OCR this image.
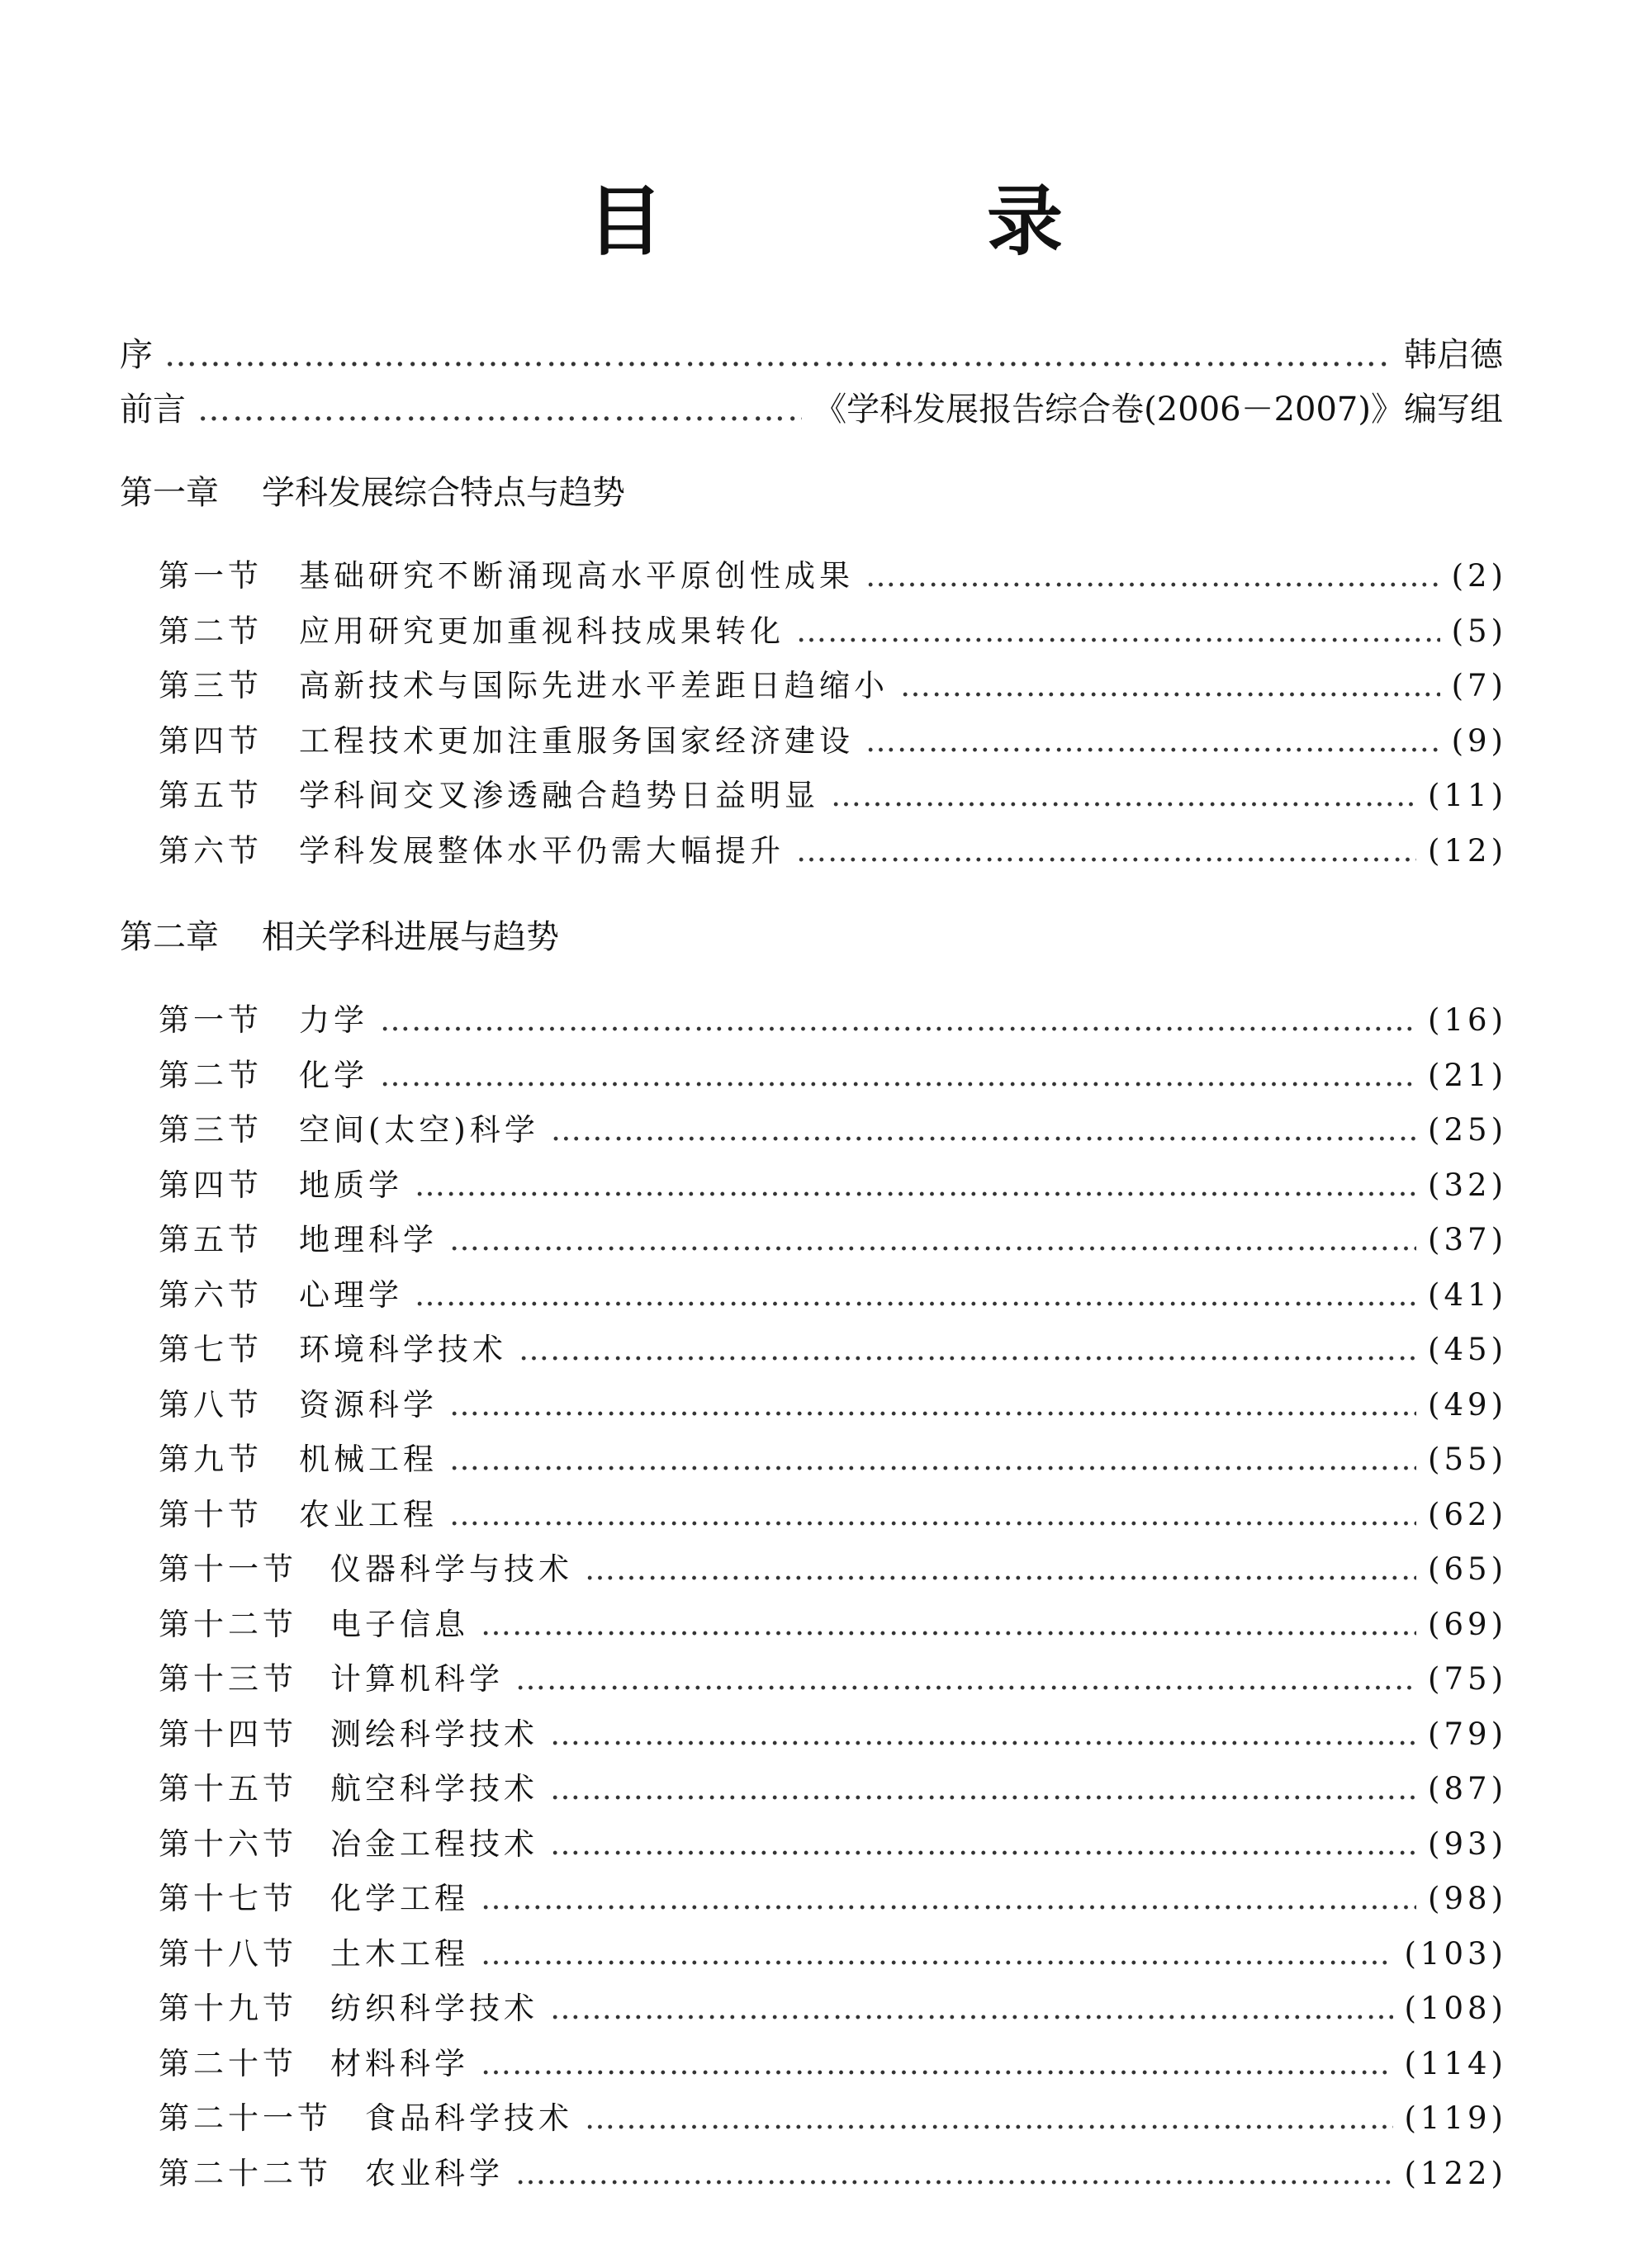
目　录
序 …………………………………………………………………………………………………………………………………………………………………………………………………………………………………………………………………………………………	韩启德
前言 …………………………………………………………………………………………………………………………………………………………………………………………………………………………………………………………………………………………	《学科发展报告综合卷(2006－2007)》编写组
第一章 学科发展综合特点与趋势
第一节	基础研究不断涌现高水平原创性成果 …………………………………………………………………………………………………………………………………………………………………………………………………………………………………………………………………………………………	(2)
第二节	应用研究更加重视科技成果转化 …………………………………………………………………………………………………………………………………………………………………………………………………………………………………………………………………………………………	(5)
第三节	高新技术与国际先进水平差距日趋缩小 …………………………………………………………………………………………………………………………………………………………………………………………………………………………………………………………………………………………	(7)
第四节	工程技术更加注重服务国家经济建设 …………………………………………………………………………………………………………………………………………………………………………………………………………………………………………………………………………………………	(9)
第五节	学科间交叉渗透融合趋势日益明显 …………………………………………………………………………………………………………………………………………………………………………………………………………………………………………………………………………………………	(11)
第六节	学科发展整体水平仍需大幅提升 …………………………………………………………………………………………………………………………………………………………………………………………………………………………………………………………………………………………	(12)
第二章 相关学科进展与趋势
第一节	力学 …………………………………………………………………………………………………………………………………………………………………………………………………………………………………………………………………………………………	(16)
第二节	化学 …………………………………………………………………………………………………………………………………………………………………………………………………………………………………………………………………………………………	(21)
第三节	空间(太空)科学 …………………………………………………………………………………………………………………………………………………………………………………………………………………………………………………………………………………………	(25)
第四节	地质学 …………………………………………………………………………………………………………………………………………………………………………………………………………………………………………………………………………………………	(32)
第五节	地理科学 …………………………………………………………………………………………………………………………………………………………………………………………………………………………………………………………………………………………	(37)
第六节	心理学 …………………………………………………………………………………………………………………………………………………………………………………………………………………………………………………………………………………………	(41)
第七节	环境科学技术 …………………………………………………………………………………………………………………………………………………………………………………………………………………………………………………………………………………………	(45)
第八节	资源科学 …………………………………………………………………………………………………………………………………………………………………………………………………………………………………………………………………………………………	(49)
第九节	机械工程 …………………………………………………………………………………………………………………………………………………………………………………………………………………………………………………………………………………………	(55)
第十节	农业工程 …………………………………………………………………………………………………………………………………………………………………………………………………………………………………………………………………………………………	(62)
第十一节	仪器科学与技术 …………………………………………………………………………………………………………………………………………………………………………………………………………………………………………………………………………………………	(65)
第十二节	电子信息 …………………………………………………………………………………………………………………………………………………………………………………………………………………………………………………………………………………………	(69)
第十三节	计算机科学 …………………………………………………………………………………………………………………………………………………………………………………………………………………………………………………………………………………………	(75)
第十四节	测绘科学技术 …………………………………………………………………………………………………………………………………………………………………………………………………………………………………………………………………………………………	(79)
第十五节	航空科学技术 …………………………………………………………………………………………………………………………………………………………………………………………………………………………………………………………………………………………	(87)
第十六节	冶金工程技术 …………………………………………………………………………………………………………………………………………………………………………………………………………………………………………………………………………………………	(93)
第十七节	化学工程 …………………………………………………………………………………………………………………………………………………………………………………………………………………………………………………………………………………………	(98)
第十八节	土木工程 …………………………………………………………………………………………………………………………………………………………………………………………………………………………………………………………………………………………	(103)
第十九节	纺织科学技术 …………………………………………………………………………………………………………………………………………………………………………………………………………………………………………………………………………………………	(108)
第二十节	材料科学 …………………………………………………………………………………………………………………………………………………………………………………………………………………………………………………………………………………………	(114)
第二十一节	食品科学技术 …………………………………………………………………………………………………………………………………………………………………………………………………………………………………………………………………………………………	(119)
第二十二节	农业科学 …………………………………………………………………………………………………………………………………………………………………………………………………………………………………………………………………………………………	(122)
